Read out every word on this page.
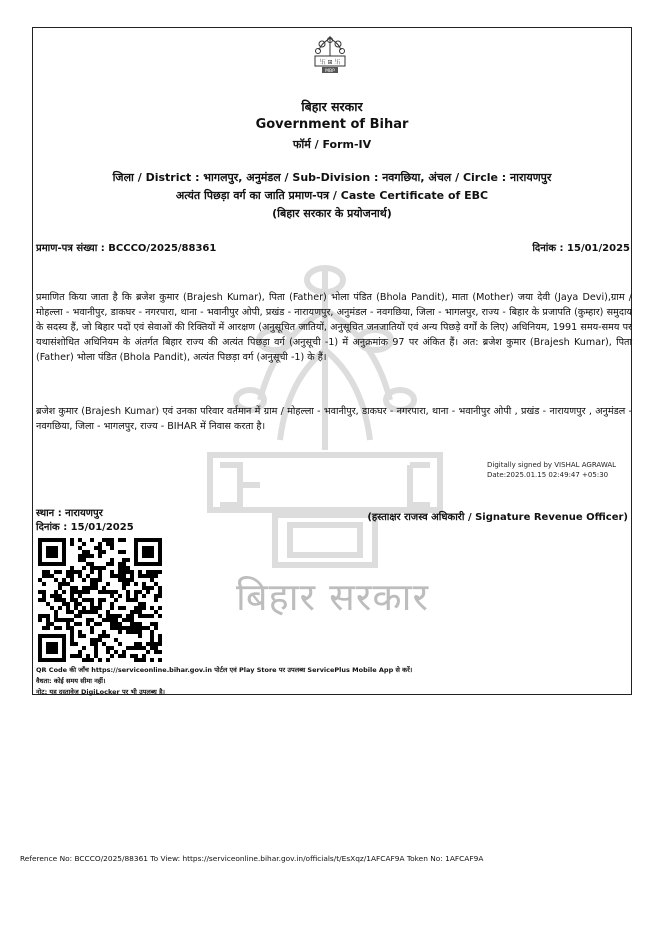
卐 ⊞ 卐
MBP
बिहार सरकार
Government of Bihar
फॉर्म / Form-IV
जिला / District : भागलपुर, अनुमंडल / Sub-Division : नवगछिया, अंचल / Circle : नारायणपुर
अत्यंत पिछड़ा वर्ग का जाति प्रमाण-पत्र / Caste Certificate of EBC
(बिहार सरकार के प्रयोजनार्थ)
प्रमाण-पत्र संख्या : BCCCO/2025/88361	दिनांक : 15/01/2025
बिहार सरकार
प्रमाणित किया जाता है कि ब्रजेश कुमार (Brajesh Kumar), पिता (Father) भोला पंडित (Bhola Pandit), माता (Mother) जया देवी (Jaya Devi),ग्राम / मोहल्ला - भवानीपुर, डाकघर - नगरपारा, थाना - भवानीपुर ओपी, प्रखंड - नारायणपुर, अनुमंडल - नवगछिया, जिला - भागलपुर, राज्य - बिहार के प्रजापति (कुम्हार) समुदाय के सदस्य हैं, जो बिहार पदों एवं सेवाओं की रिक्तियों में आरक्षण (अनुसूचित जातियों, अनुसूचित जनजातियों एवं अन्य पिछड़े वर्गों के लिए) अधिनियम, 1991 समय-समय पर यथासंशोधित अधिनियम के अंतर्गत बिहार राज्य की अत्यंत पिछड़ा वर्ग (अनुसूची -1) में अनुक्रमांक 97 पर अंकित हैं। अत: ब्रजेश कुमार (Brajesh Kumar), पिता (Father) भोला पंडित (Bhola Pandit), अत्यंत पिछड़ा वर्ग (अनुसूची -1) के हैं।
ब्रजेश कुमार (Brajesh Kumar) एवं उनका परिवार वर्तमान में ग्राम / मोहल्ला - भवानीपुर, डाकघर - नगरपारा, थाना - भवानीपुर ओपी , प्रखंड - नारायणपुर , अनुमंडल - नवगछिया, जिला - भागलपुर, राज्य - BIHAR में निवास करता है।
Digitally signed by VISHAL AGRAWAL
Date:2025.01.15 02:49:47 +05:30
स्थान : नारायणपुर
दिनांक : 15/01/2025
(हस्ताक्षर राजस्व अधिकारी / Signature Revenue Officer)
QR Code की जाँच https://serviceonline.bihar.gov.in पोर्टल एवं Play Store पर उपलब्ध ServicePlus Mobile App से करें।
वैधता: कोई समय सीमा नहीं।
नोट: यह दस्तावेज DigiLocker पर भी उपलब्ध है।
Reference No: BCCCO/2025/88361 To View: https://serviceonline.bihar.gov.in/officials/t/EsXqz/1AFCAF9A Token No: 1AFCAF9A
